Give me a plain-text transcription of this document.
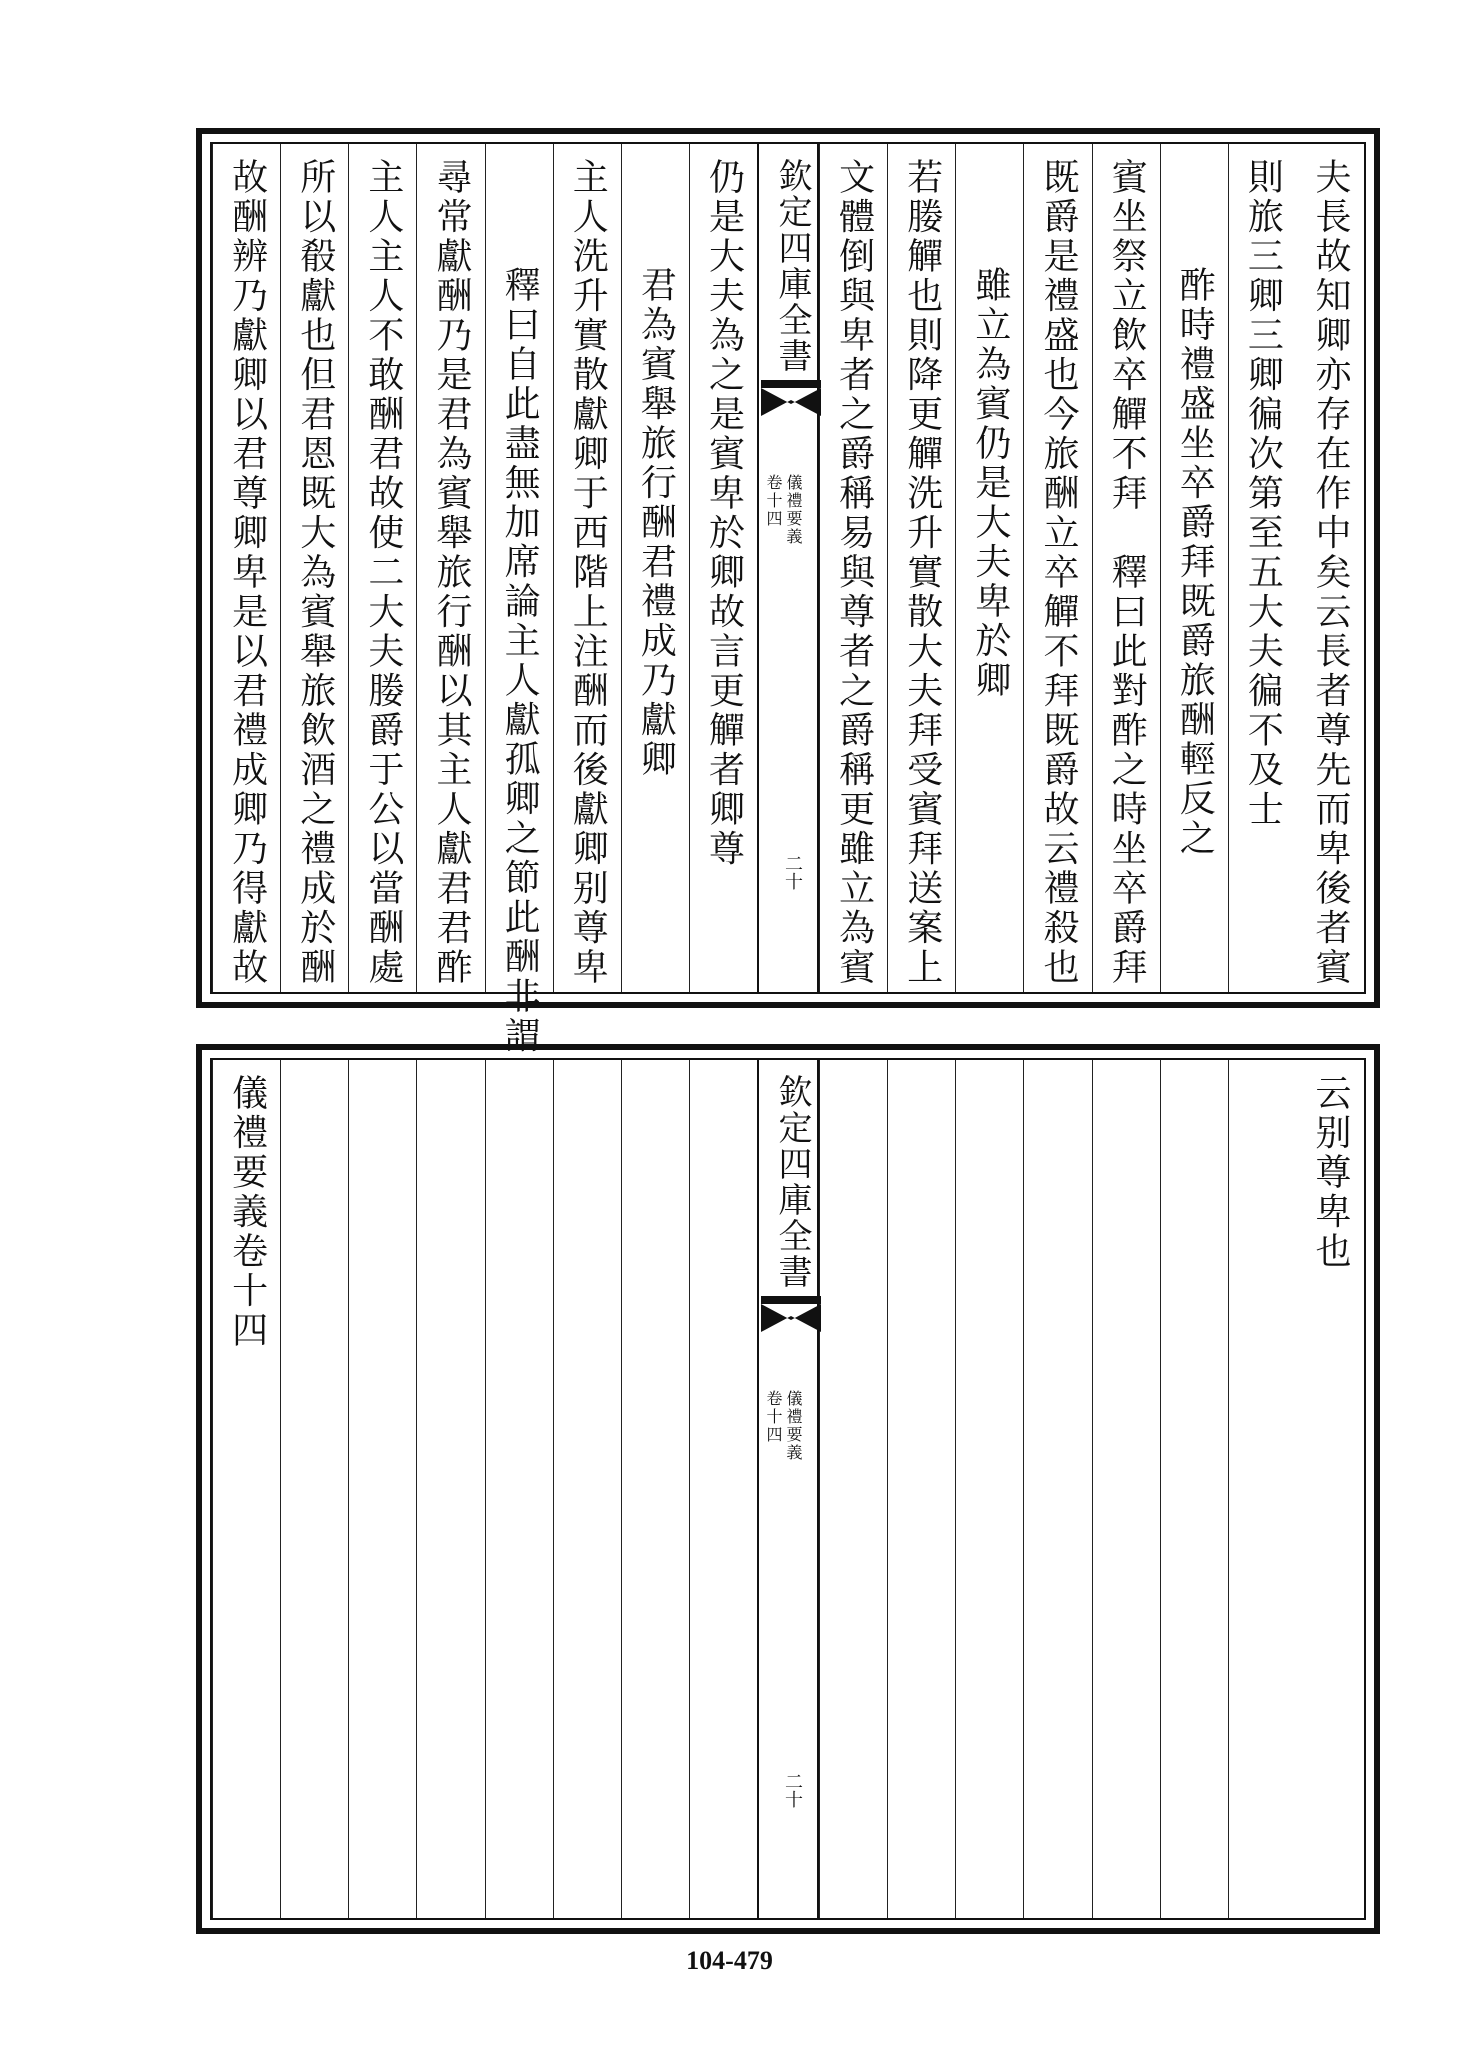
夫長故知卿亦存在作中矣云長者尊先而卑後者賓
則旅三卿三卿徧次第至五大夫徧不及士
酢時禮盛坐卒爵拜既爵旅酬輕反之
賓坐祭立飲卒觶不拜　釋曰此對酢之時坐卒爵拜
既爵是禮盛也今旅酬立卒觶不拜既爵故云禮殺也
雖立為賓仍是大夫卑於卿
若媵觶也則降更觶洗升實散大夫拜受賓拜送案上
文體倒與卑者之爵稱易與尊者之爵稱更雖立為賓
欽定四庫全書
儀禮要義
卷十四
二十
仍是大夫為之是賓卑於卿故言更觶者卿尊
君為賓舉旅行酬君禮成乃獻卿
主人洗升實散獻卿于西階上注酬而後獻卿别尊卑
釋曰自此盡無加席論主人獻孤卿之節此酬非謂
尋常獻酬乃是君為賓舉旅行酬以其主人獻君君酢
主人主人不敢酬君故使二大夫媵爵于公以當酬處
所以殽獻也但君恩既大為賓舉旅飲酒之禮成於酬
故酬辨乃獻卿以君尊卿卑是以君禮成卿乃得獻故
云别尊卑也
欽定四庫全書
儀禮要義
卷十四
二十
儀禮要義卷十四
104-479
